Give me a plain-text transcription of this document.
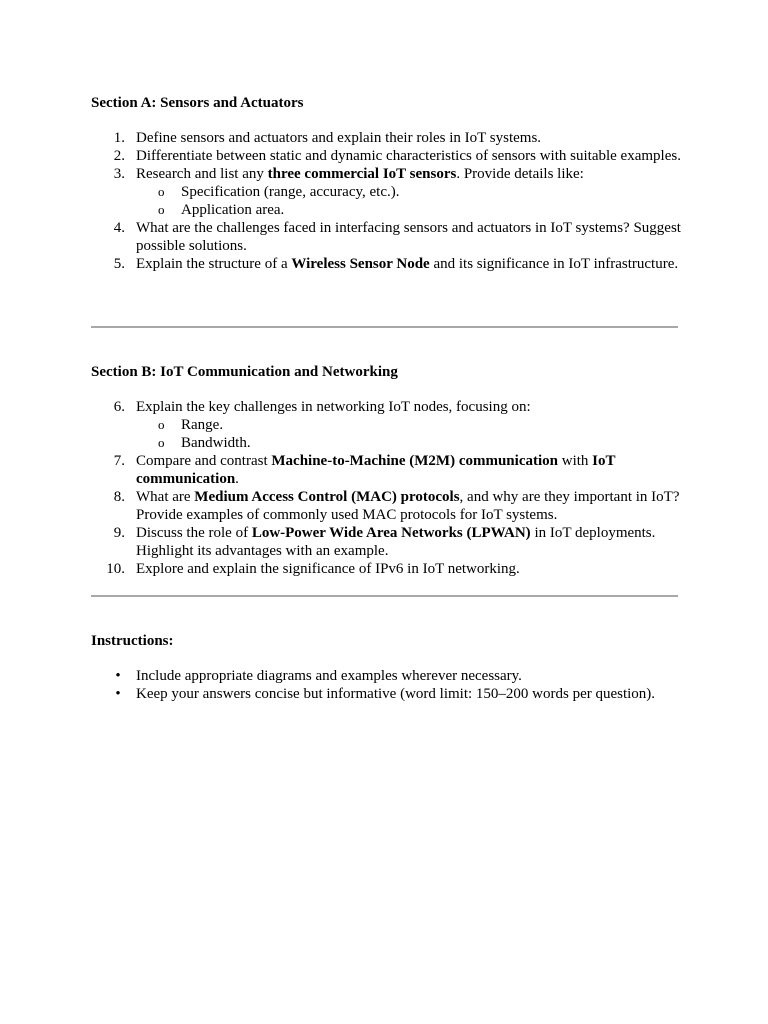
Section A: Sensors and Actuators
1. Define sensors and actuators and explain their roles in IoT systems.
2. Differentiate between static and dynamic characteristics of sensors with suitable examples.
3. Research and list any three commercial IoT sensors. Provide details like:
o Specification (range, accuracy, etc.).
o Application area.
4. What are the challenges faced in interfacing sensors and actuators in IoT systems? Suggest possible solutions.
5. Explain the structure of a Wireless Sensor Node and its significance in IoT infrastructure.
Section B: IoT Communication and Networking
6. Explain the key challenges in networking IoT nodes, focusing on:
o Range.
o Bandwidth.
7. Compare and contrast Machine-to-Machine (M2M) communication with IoT communication.
8. What are Medium Access Control (MAC) protocols, and why are they important in IoT? Provide examples of commonly used MAC protocols for IoT systems.
9. Discuss the role of Low-Power Wide Area Networks (LPWAN) in IoT deployments. Highlight its advantages with an example.
10. Explore and explain the significance of IPv6 in IoT networking.
Instructions:
• Include appropriate diagrams and examples wherever necessary.
• Keep your answers concise but informative (word limit: 150–200 words per question).
